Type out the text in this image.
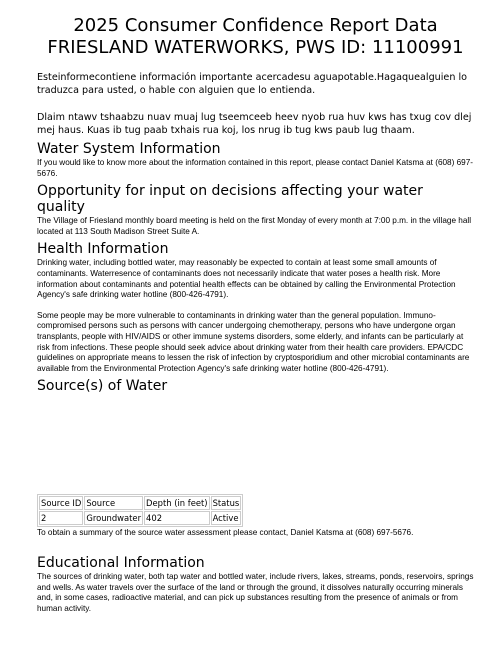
2025 Consumer Confidence Report Data
FRIESLAND WATERWORKS, PWS ID: 11100991

Esteinformecontiene información importante acercadesu aguapotable.Hagaquealguien lo traduzca para usted, o hable con alguien que lo entienda.

Dlaim ntawv tshaabzu nuav muaj lug tseemceeb heev nyob rua huv kws has txug cov dlej mej haus. Kuas ib tug paab txhais rua koj, los nrug ib tug kws paub lug thaam.

Water System Information

If you would like to know more about the information contained in this report, please contact Daniel Katsma at (608) 697-5676.

Opportunity for input on decisions affecting your water quality

The Village of Friesland monthly board meeting is held on the first Monday of every month at 7:00 p.m. in the village hall located at 113 South Madison Street Suite A.

Health Information

Drinking water, including bottled water, may reasonably be expected to contain at least some small amounts of contaminants. Waterresence of contaminants does not necessarily indicate that water poses a health risk. More information about contaminants and potential health effects can be obtained by calling the Environmental Protection Agency's safe drinking water hotline (800-426-4791).

Some people may be more vulnerable to contaminants in drinking water than the general population. Immuno-compromised persons such as persons with cancer undergoing chemotherapy, persons who have undergone organ transplants, people with HIV/AIDS or other immune systems disorders, some elderly, and infants can be particularly at risk from infections. These people should seek advice about drinking water from their health care providers. EPA/CDC guidelines on appropriate means to lessen the risk of infection by cryptosporidium and other microbial contaminants are available from the Environmental Protection Agency's safe drinking water hotline (800-426-4791).

Source(s) of Water
Source ID	Source	Depth (in feet)	Status
2	Groundwater	402	Active

To obtain a summary of the source water assessment please contact, Daniel Katsma at (608) 697-5676.

Educational Information

The sources of drinking water, both tap water and bottled water, include rivers, lakes, streams, ponds, reservoirs, springs and wells. As water travels over the surface of the land or through the ground, it dissolves naturally occurring minerals and, in some cases, radioactive material, and can pick up substances resulting from the presence of animals or from human activity.
